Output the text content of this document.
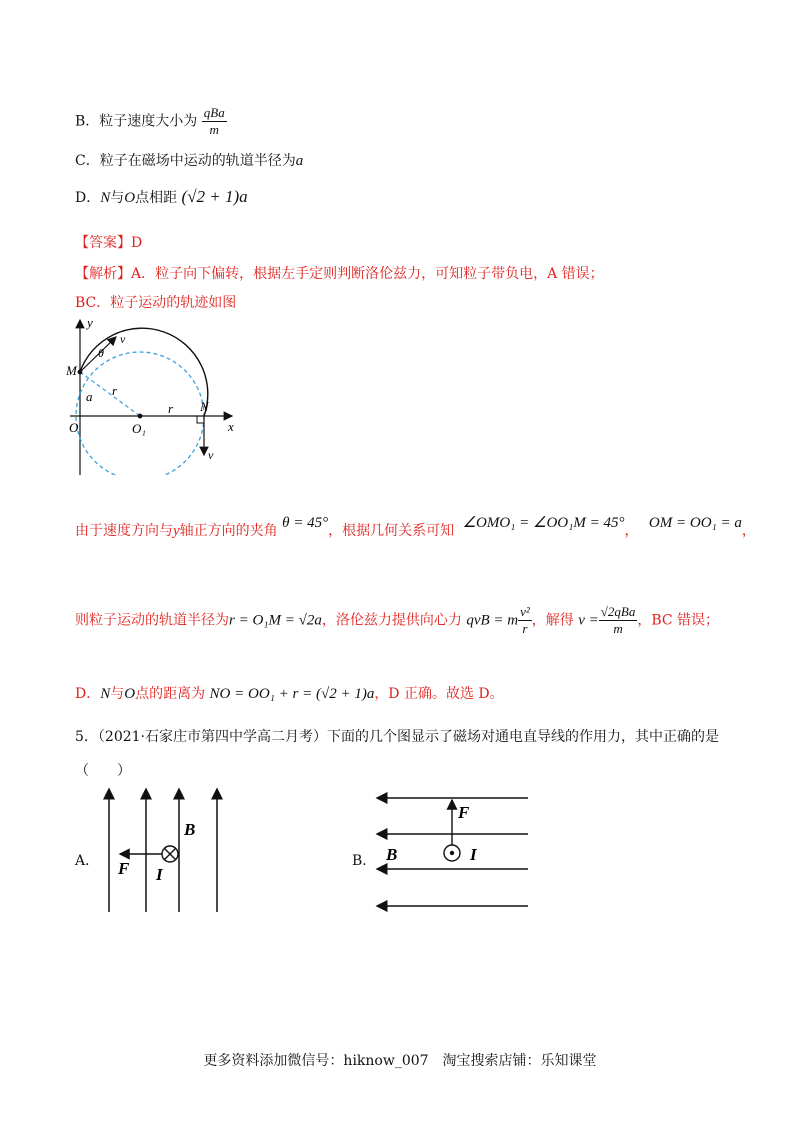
B．粒子速度大小为 $\frac{\text{qBa}}{m}$
C．粒子在磁场中运动的轨道半径为a
D．N与O点相距 (√2 + 1)a
【答案】D
【解析】A．粒子向下偏转，根据左手定则判断洛伦兹力，可知粒子带负电，A 错误；
BC．粒子运动的轨迹如图
y
x
θ
v
v
M
a r
r
O	O₁
N
由于速度方向与y轴正方向的夹角 θ = 45°，根据几何关系可知 ∠OMO₁ = ∠OO₁M = 45°， OM = OO₁ = a，
则粒子运动的轨道半径为r = O₁M = √2a，洛伦兹力提供向心力 qvB = m $\frac{\text{v²}}{r}$ ，解得 $v = \frac{\text{√2qBa}}{m}$ ，BC 错误；
D．N与O点的距离为 NO = OO₁ + r = (√2 + 1)a，D 正确。故选 D。
5．（2021·石家庄市第四中学高二月考）下面的几个图显示了磁场对通电直导线的作用力，其中正确的是
（　　）
A．
B
F I
B．
F
B	I
更多资料添加微信号：hiknow_007　淘宝搜索店铺：乐知课堂
